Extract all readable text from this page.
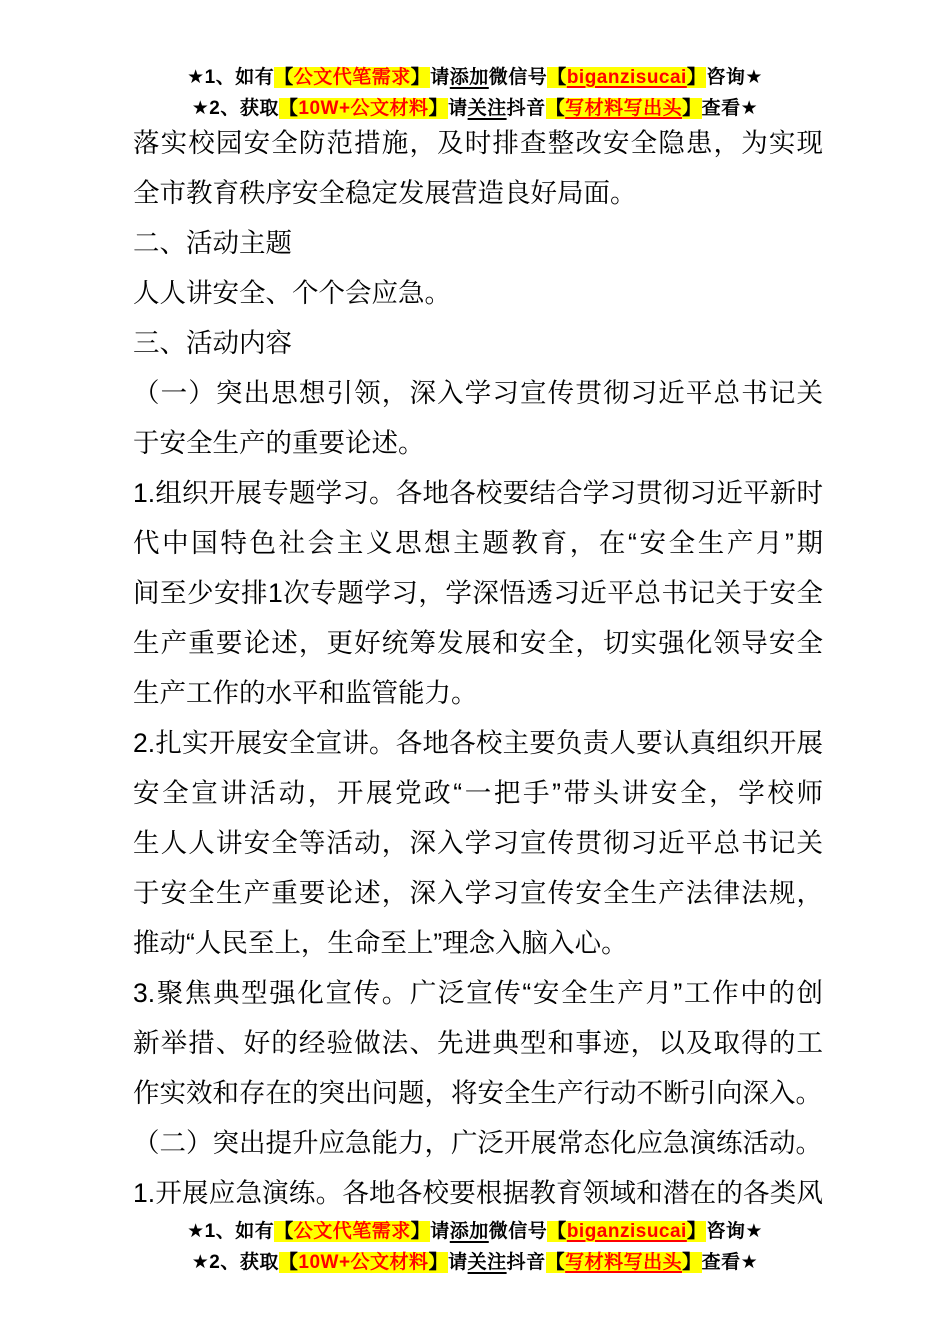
★1、如有【公文代笔需求】请添加微信号【biganzisucai】咨询★
★2、获取【10W+公文材料】请关注抖音【写材料写出头】查看★
落实校园安全防范措施，及时排查整改安全隐患，为实现
全市教育秩序安全稳定发展营造良好局面。
二、活动主题
人人讲安全、个个会应急。
三、活动内容
（一）突出思想引领，深入学习宣传贯彻习近平总书记关
于安全生产的重要论述。
1.组织开展专题学习。各地各校要结合学习贯彻习近平新时
代中国特色社会主义思想主题教育，在“安全生产月”期
间至少安排1次专题学习，学深悟透习近平总书记关于安全
生产重要论述，更好统筹发展和安全，切实强化领导安全
生产工作的水平和监管能力。
2.扎实开展安全宣讲。各地各校主要负责人要认真组织开展
安全宣讲活动，开展党政“一把手”带头讲安全，学校师
生人人讲安全等活动，深入学习宣传贯彻习近平总书记关
于安全生产重要论述，深入学习宣传安全生产法律法规，
推动“人民至上，生命至上”理念入脑入心。
3.聚焦典型强化宣传。广泛宣传“安全生产月”工作中的创
新举措、好的经验做法、先进典型和事迹，以及取得的工
作实效和存在的突出问题，将安全生产行动不断引向深入。
（二）突出提升应急能力，广泛开展常态化应急演练活动。
1.开展应急演练。各地各校要根据教育领域和潜在的各类风
★1、如有【公文代笔需求】请添加微信号【biganzisucai】咨询★
★2、获取【10W+公文材料】请关注抖音【写材料写出头】查看★
